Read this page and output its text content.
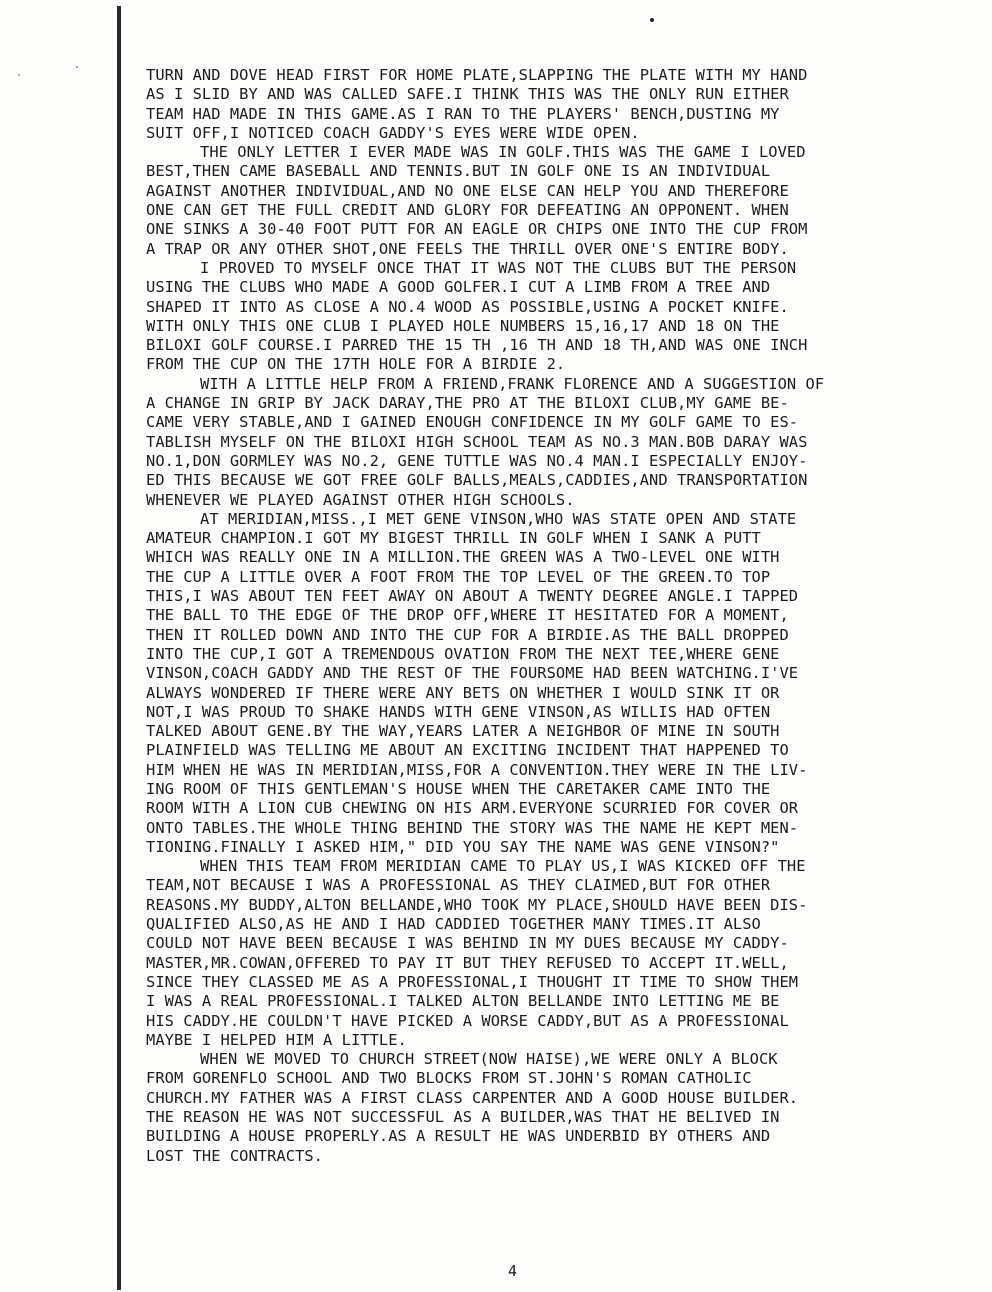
TURN AND DOVE HEAD FIRST FOR HOME PLATE,SLAPPING THE PLATE WITH MY HAND
AS I SLID BY AND WAS CALLED SAFE.I THINK THIS WAS THE ONLY RUN EITHER
TEAM HAD MADE IN THIS GAME.AS I RAN TO THE PLAYERS' BENCH,DUSTING MY
SUIT OFF,I NOTICED COACH GADDY'S EYES WERE WIDE OPEN.
THE ONLY LETTER I EVER MADE WAS IN GOLF.THIS WAS THE GAME I LOVED
BEST,THEN CAME BASEBALL AND TENNIS.BUT IN GOLF ONE IS AN INDIVIDUAL
AGAINST ANOTHER INDIVIDUAL,AND NO ONE ELSE CAN HELP YOU AND THEREFORE
ONE CAN GET THE FULL CREDIT AND GLORY FOR DEFEATING AN OPPONENT. WHEN
ONE SINKS A 30-40 FOOT PUTT FOR AN EAGLE OR CHIPS ONE INTO THE CUP FROM
A TRAP OR ANY OTHER SHOT,ONE FEELS THE THRILL OVER ONE'S ENTIRE BODY.
I PROVED TO MYSELF ONCE THAT IT WAS NOT THE CLUBS BUT THE PERSON
USING THE CLUBS WHO MADE A GOOD GOLFER.I CUT A LIMB FROM A TREE AND
SHAPED IT INTO AS CLOSE A NO.4 WOOD AS POSSIBLE,USING A POCKET KNIFE.
WITH ONLY THIS ONE CLUB I PLAYED HOLE NUMBERS 15,16,17 AND 18 ON THE
BILOXI GOLF COURSE.I PARRED THE 15 TH ,16 TH AND 18 TH,AND WAS ONE INCH
FROM THE CUP ON THE 17TH HOLE FOR A BIRDIE 2.
WITH A LITTLE HELP FROM A FRIEND,FRANK FLORENCE AND A SUGGESTION OF
A CHANGE IN GRIP BY JACK DARAY,THE PRO AT THE BILOXI CLUB,MY GAME BE-
CAME VERY STABLE,AND I GAINED ENOUGH CONFIDENCE IN MY GOLF GAME TO ES-
TABLISH MYSELF ON THE BILOXI HIGH SCHOOL TEAM AS NO.3 MAN.BOB DARAY WAS
NO.1,DON GORMLEY WAS NO.2, GENE TUTTLE WAS NO.4 MAN.I ESPECIALLY ENJOY-
ED THIS BECAUSE WE GOT FREE GOLF BALLS,MEALS,CADDIES,AND TRANSPORTATION
WHENEVER WE PLAYED AGAINST OTHER HIGH SCHOOLS.
AT MERIDIAN,MISS.,I MET GENE VINSON,WHO WAS STATE OPEN AND STATE
AMATEUR CHAMPION.I GOT MY BIGEST THRILL IN GOLF WHEN I SANK A PUTT
WHICH WAS REALLY ONE IN A MILLION.THE GREEN WAS A TWO-LEVEL ONE WITH
THE CUP A LITTLE OVER A FOOT FROM THE TOP LEVEL OF THE GREEN.TO TOP
THIS,I WAS ABOUT TEN FEET AWAY ON ABOUT A TWENTY DEGREE ANGLE.I TAPPED
THE BALL TO THE EDGE OF THE DROP OFF,WHERE IT HESITATED FOR A MOMENT,
THEN IT ROLLED DOWN AND INTO THE CUP FOR A BIRDIE.AS THE BALL DROPPED
INTO THE CUP,I GOT A TREMENDOUS OVATION FROM THE NEXT TEE,WHERE GENE
VINSON,COACH GADDY AND THE REST OF THE FOURSOME HAD BEEN WATCHING.I'VE
ALWAYS WONDERED IF THERE WERE ANY BETS ON WHETHER I WOULD SINK IT OR
NOT,I WAS PROUD TO SHAKE HANDS WITH GENE VINSON,AS WILLIS HAD OFTEN
TALKED ABOUT GENE.BY THE WAY,YEARS LATER A NEIGHBOR OF MINE IN SOUTH
PLAINFIELD WAS TELLING ME ABOUT AN EXCITING INCIDENT THAT HAPPENED TO
HIM WHEN HE WAS IN MERIDIAN,MISS,FOR A CONVENTION.THEY WERE IN THE LIV-
ING ROOM OF THIS GENTLEMAN'S HOUSE WHEN THE CARETAKER CAME INTO THE
ROOM WITH A LION CUB CHEWING ON HIS ARM.EVERYONE SCURRIED FOR COVER OR
ONTO TABLES.THE WHOLE THING BEHIND THE STORY WAS THE NAME HE KEPT MEN-
TIONING.FINALLY I ASKED HIM," DID YOU SAY THE NAME WAS GENE VINSON?"
WHEN THIS TEAM FROM MERIDIAN CAME TO PLAY US,I WAS KICKED OFF THE
TEAM,NOT BECAUSE I WAS A PROFESSIONAL AS THEY CLAIMED,BUT FOR OTHER
REASONS.MY BUDDY,ALTON BELLANDE,WHO TOOK MY PLACE,SHOULD HAVE BEEN DIS-
QUALIFIED ALSO,AS HE AND I HAD CADDIED TOGETHER MANY TIMES.IT ALSO
COULD NOT HAVE BEEN BECAUSE I WAS BEHIND IN MY DUES BECAUSE MY CADDY-
MASTER,MR.COWAN,OFFERED TO PAY IT BUT THEY REFUSED TO ACCEPT IT.WELL,
SINCE THEY CLASSED ME AS A PROFESSIONAL,I THOUGHT IT TIME TO SHOW THEM
I WAS A REAL PROFESSIONAL.I TALKED ALTON BELLANDE INTO LETTING ME BE
HIS CADDY.HE COULDN'T HAVE PICKED A WORSE CADDY,BUT AS A PROFESSIONAL
MAYBE I HELPED HIM A LITTLE.
WHEN WE MOVED TO CHURCH STREET(NOW HAISE),WE WERE ONLY A BLOCK
FROM GORENFLO SCHOOL AND TWO BLOCKS FROM ST.JOHN'S ROMAN CATHOLIC
CHURCH.MY FATHER WAS A FIRST CLASS CARPENTER AND A GOOD HOUSE BUILDER.
THE REASON HE WAS NOT SUCCESSFUL AS A BUILDER,WAS THAT HE BELIVED IN
BUILDING A HOUSE PROPERLY.AS A RESULT HE WAS UNDERBID BY OTHERS AND
LOST THE CONTRACTS.
4
